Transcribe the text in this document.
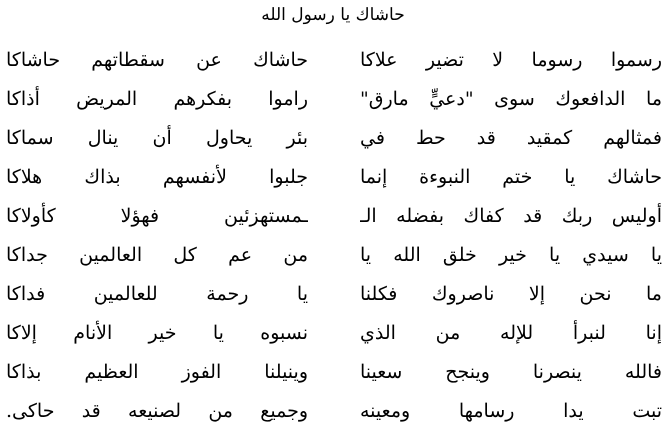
حاشاك يا رسول الله
رسموا رسوما لا تضير علاكا
حاشاك عن سقطاتهم حاشاكا
ما الدافعوك سوى "دعيٍّ مارق"
راموا بفكرهم المريض أذاكا
فمثالهم كمقيد قد حط في
بئر يحاول أن ينال سماكا
حاشاك يا ختم النبوءة إنما
جلبوا لأنفسهم بذاك هلاكا
أوليس ربك قد كفاك بفضله الـ
ـمستهزئين فهؤلا كأولاكا
يا سيدي يا خير خلق الله يا
من عم كل العالمين جداكا
ما نحن إلا ناصروك فكلنا
يا رحمة للعالمين فداكا
إنا لنبرأ للإله من الذي
نسبوه يا خير الأنام إلاكا
فالله ينصرنا وينجح سعينا
وينيلنا الفوز العظيم بذاكا
تبت يدا رسامها ومعينه
وجميع من لصنيعه قد حاكى.
